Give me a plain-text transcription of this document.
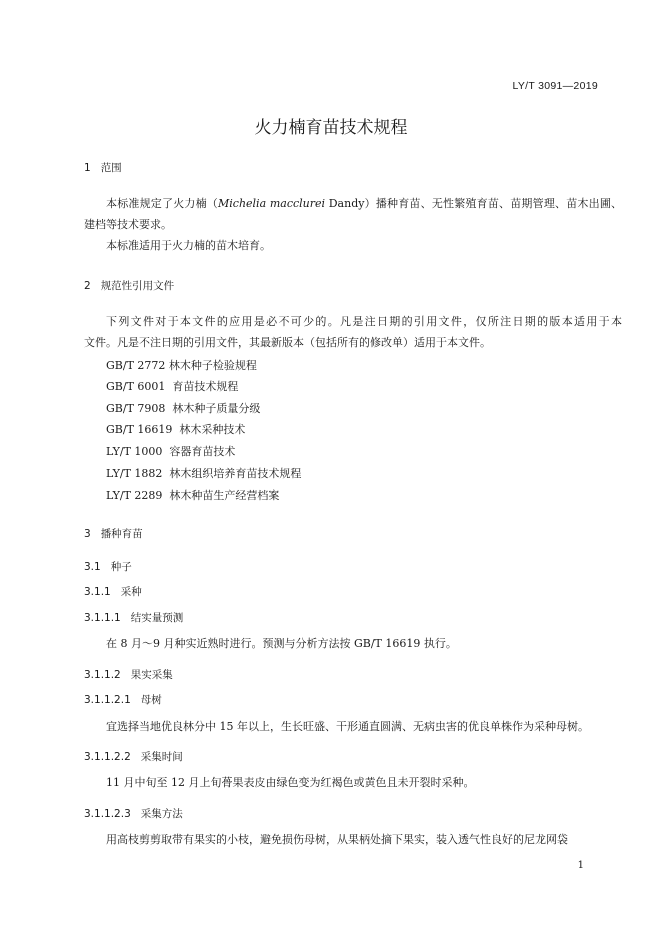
LY/T 3091—2019
火力楠育苗技术规程
1 范围
本标准规定了火力楠（Michelia macclurei Dandy）播种育苗、无性繁殖育苗、苗期管理、苗木出圃、
建档等技术要求。
本标准适用于火力楠的苗木培育。
2 规范性引用文件
下列文件对于本文件的应用是必不可少的。凡是注日期的引用文件，仅所注日期的版本适用于本
文件。凡是不注日期的引用文件，其最新版本（包括所有的修改单）适用于本文件。
GB/T 2772 林木种子检验规程
GB/T 6001 育苗技术规程
GB/T 7908 林木种子质量分级
GB/T 16619 林木采种技术
LY/T 1000 容器育苗技术
LY/T 1882 林木组织培养育苗技术规程
LY/T 2289 林木种苗生产经营档案
3 播种育苗
3.1 种子
3.1.1 采种
3.1.1.1 结实量预测
在 8 月～9 月种实近熟时进行。预测与分析方法按 GB/T 16619 执行。
3.1.1.2 果实采集
3.1.1.2.1 母树
宜选择当地优良林分中 15 年以上，生长旺盛、干形通直圆满、无病虫害的优良单株作为采种母树。
3.1.1.2.2 采集时间
11 月中旬至 12 月上旬蓇果表皮由绿色变为红褐色或黄色且未开裂时采种。
3.1.1.2.3 采集方法
用高枝剪剪取带有果实的小枝，避免损伤母树，从果柄处摘下果实，装入透气性良好的尼龙网袋
1
